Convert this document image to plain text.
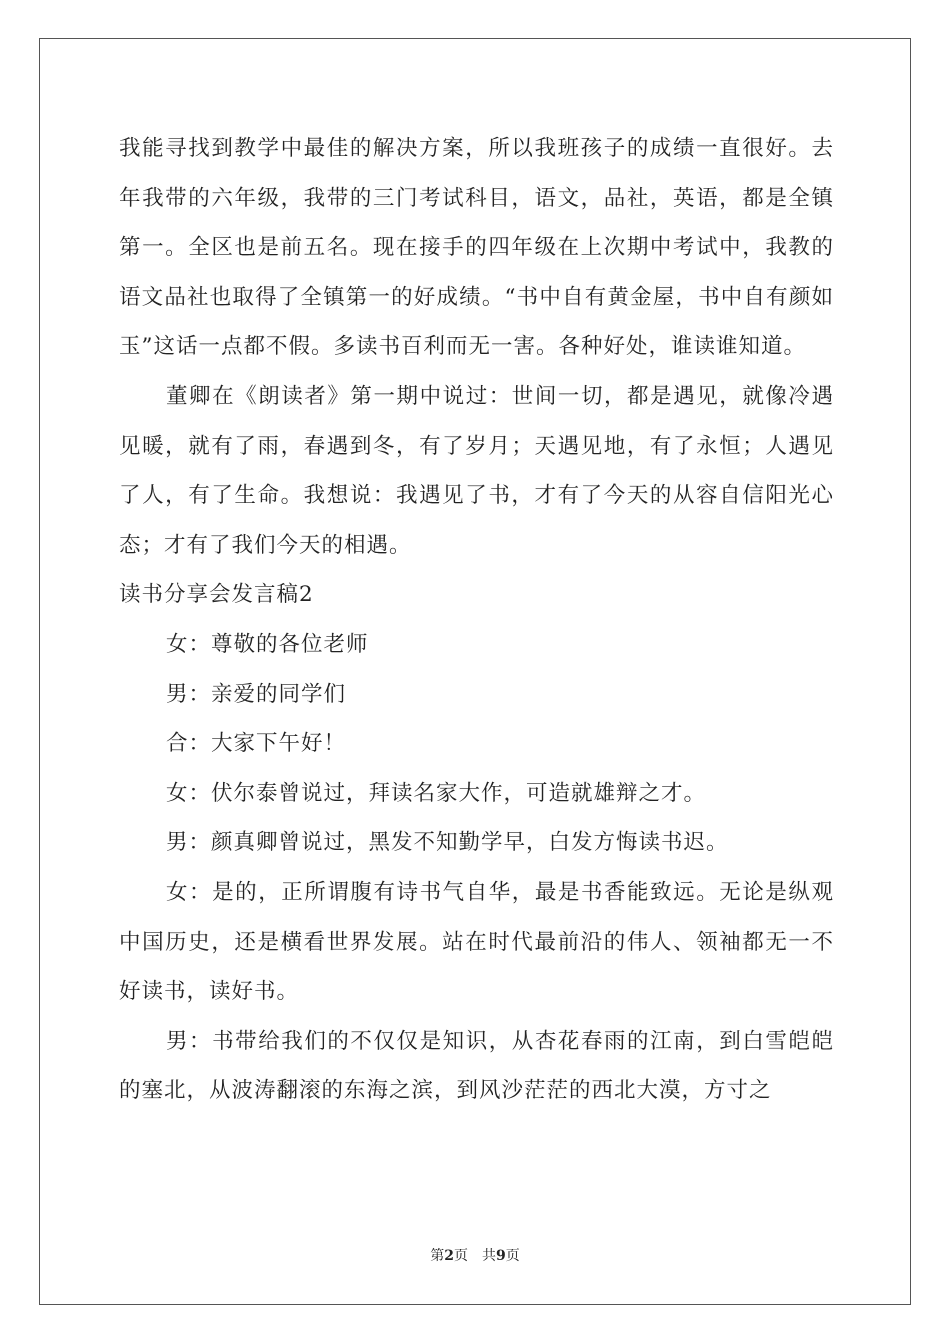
我能寻找到教学中最佳的解决方案，所以我班孩子的成绩一直很好。去年我带的六年级，我带的三门考试科目，语文，品社，英语，都是全镇第一。全区也是前五名。现在接手的四年级在上次期中考试中，我教的语文品社也取得了全镇第一的好成绩。“书中自有黄金屋，书中自有颜如玉”这话一点都不假。多读书百利而无一害。各种好处，谁读谁知道。

董卿在《朗读者》第一期中说过：世间一切，都是遇见，就像冷遇见暖，就有了雨，春遇到冬，有了岁月；天遇见地，有了永恒；人遇见了人，有了生命。我想说：我遇见了书，才有了今天的从容自信阳光心态；才有了我们今天的相遇。

读书分享会发言稿2

女：尊敬的各位老师

男：亲爱的同学们

合：大家下午好！

女：伏尔泰曾说过，拜读名家大作，可造就雄辩之才。

男：颜真卿曾说过，黑发不知勤学早，白发方悔读书迟。

女：是的，正所谓腹有诗书气自华，最是书香能致远。无论是纵观中国历史，还是横看世界发展。站在时代最前沿的伟人、领袖都无一不好读书，读好书。

男：书带给我们的不仅仅是知识，从杏花春雨的江南，到白雪皑皑的塞北，从波涛翻滚的东海之滨，到风沙茫茫的西北大漠，方寸之

第2页 共9页
